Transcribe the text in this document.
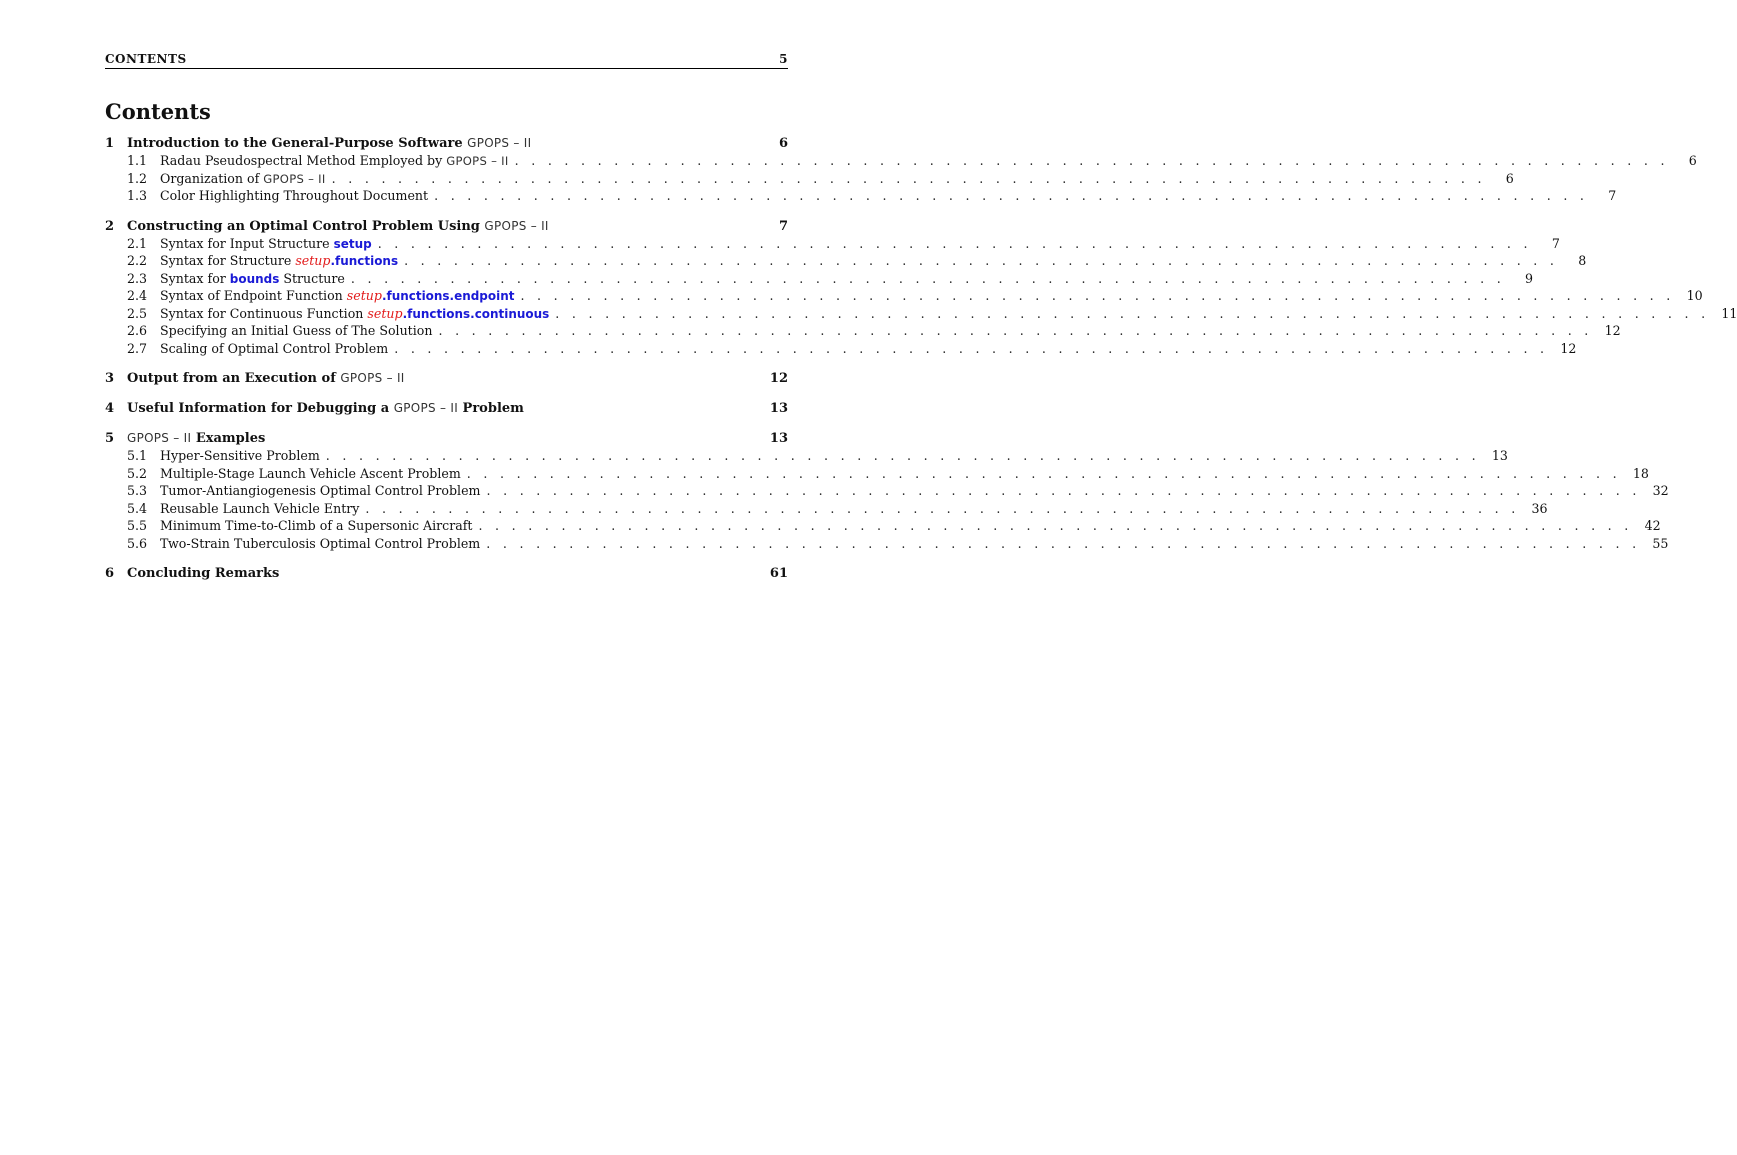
CONTENTS	5
Contents
1 Introduction to the General-Purpose Software GPOPS – II	6
1.1	Radau Pseudospectral Method Employed by GPOPS – II . . . . . . . . . . . . . . . . . . . . . . . . . . . . . . . . . . . . . . . . . . . . . . . . . . . . . . . . . . . . . . . . . . . . . .	6
1.2	Organization of GPOPS – II . . . . . . . . . . . . . . . . . . . . . . . . . . . . . . . . . . . . . . . . . . . . . . . . . . . . . . . . . . . . . . . . . . . . . .	6
1.3	Color Highlighting Throughout Document . . . . . . . . . . . . . . . . . . . . . . . . . . . . . . . . . . . . . . . . . . . . . . . . . . . . . . . . . . . . . . . . . . . . . .	7
2 Constructing an Optimal Control Problem Using GPOPS – II	7
2.1	Syntax for Input Structure setup . . . . . . . . . . . . . . . . . . . . . . . . . . . . . . . . . . . . . . . . . . . . . . . . . . . . . . . . . . . . . . . . . . . . . .	7
2.2	Syntax for Structure setup.functions . . . . . . . . . . . . . . . . . . . . . . . . . . . . . . . . . . . . . . . . . . . . . . . . . . . . . . . . . . . . . . . . . . . . . .	8
2.3	Syntax for bounds Structure . . . . . . . . . . . . . . . . . . . . . . . . . . . . . . . . . . . . . . . . . . . . . . . . . . . . . . . . . . . . . . . . . . . . . .	9
2.4	Syntax of Endpoint Function setup.functions.endpoint . . . . . . . . . . . . . . . . . . . . . . . . . . . . . . . . . . . . . . . . . . . . . . . . . . . . . . . . . . . . . . . . . . . . . . 10
2.5	Syntax for Continuous Function setup.functions.continuous . . . . . . . . . . . . . . . . . . . . . . . . . . . . . . . . . . . . . . . . . . . . . . . . . . . . . . . . . . . . . . . . . . . . . . 11
2.6	Specifying an Initial Guess of The Solution . . . . . . . . . . . . . . . . . . . . . . . . . . . . . . . . . . . . . . . . . . . . . . . . . . . . . . . . . . . . . . . . . . . . . . 12
2.7	Scaling of Optimal Control Problem . . . . . . . . . . . . . . . . . . . . . . . . . . . . . . . . . . . . . . . . . . . . . . . . . . . . . . . . . . . . . . . . . . . . . . 12
3 Output from an Execution of GPOPS – II	12
4 Useful Information for Debugging a GPOPS – II Problem	13
5	GPOPS – II Examples	13
5.1	Hyper-Sensitive Problem . . . . . . . . . . . . . . . . . . . . . . . . . . . . . . . . . . . . . . . . . . . . . . . . . . . . . . . . . . . . . . . . . . . . . . 13
5.2	Multiple-Stage Launch Vehicle Ascent Problem . . . . . . . . . . . . . . . . . . . . . . . . . . . . . . . . . . . . . . . . . . . . . . . . . . . . . . . . . . . . . . . . . . . . . . 18
5.3	Tumor-Antiangiogenesis Optimal Control Problem . . . . . . . . . . . . . . . . . . . . . . . . . . . . . . . . . . . . . . . . . . . . . . . . . . . . . . . . . . . . . . . . . . . . . . 32
5.4	Reusable Launch Vehicle Entry . . . . . . . . . . . . . . . . . . . . . . . . . . . . . . . . . . . . . . . . . . . . . . . . . . . . . . . . . . . . . . . . . . . . . . 36
5.5	Minimum Time-to-Climb of a Supersonic Aircraft . . . . . . . . . . . . . . . . . . . . . . . . . . . . . . . . . . . . . . . . . . . . . . . . . . . . . . . . . . . . . . . . . . . . . . 42
5.6	Two-Strain Tuberculosis Optimal Control Problem . . . . . . . . . . . . . . . . . . . . . . . . . . . . . . . . . . . . . . . . . . . . . . . . . . . . . . . . . . . . . . . . . . . . . . 55
6 Concluding Remarks	61
